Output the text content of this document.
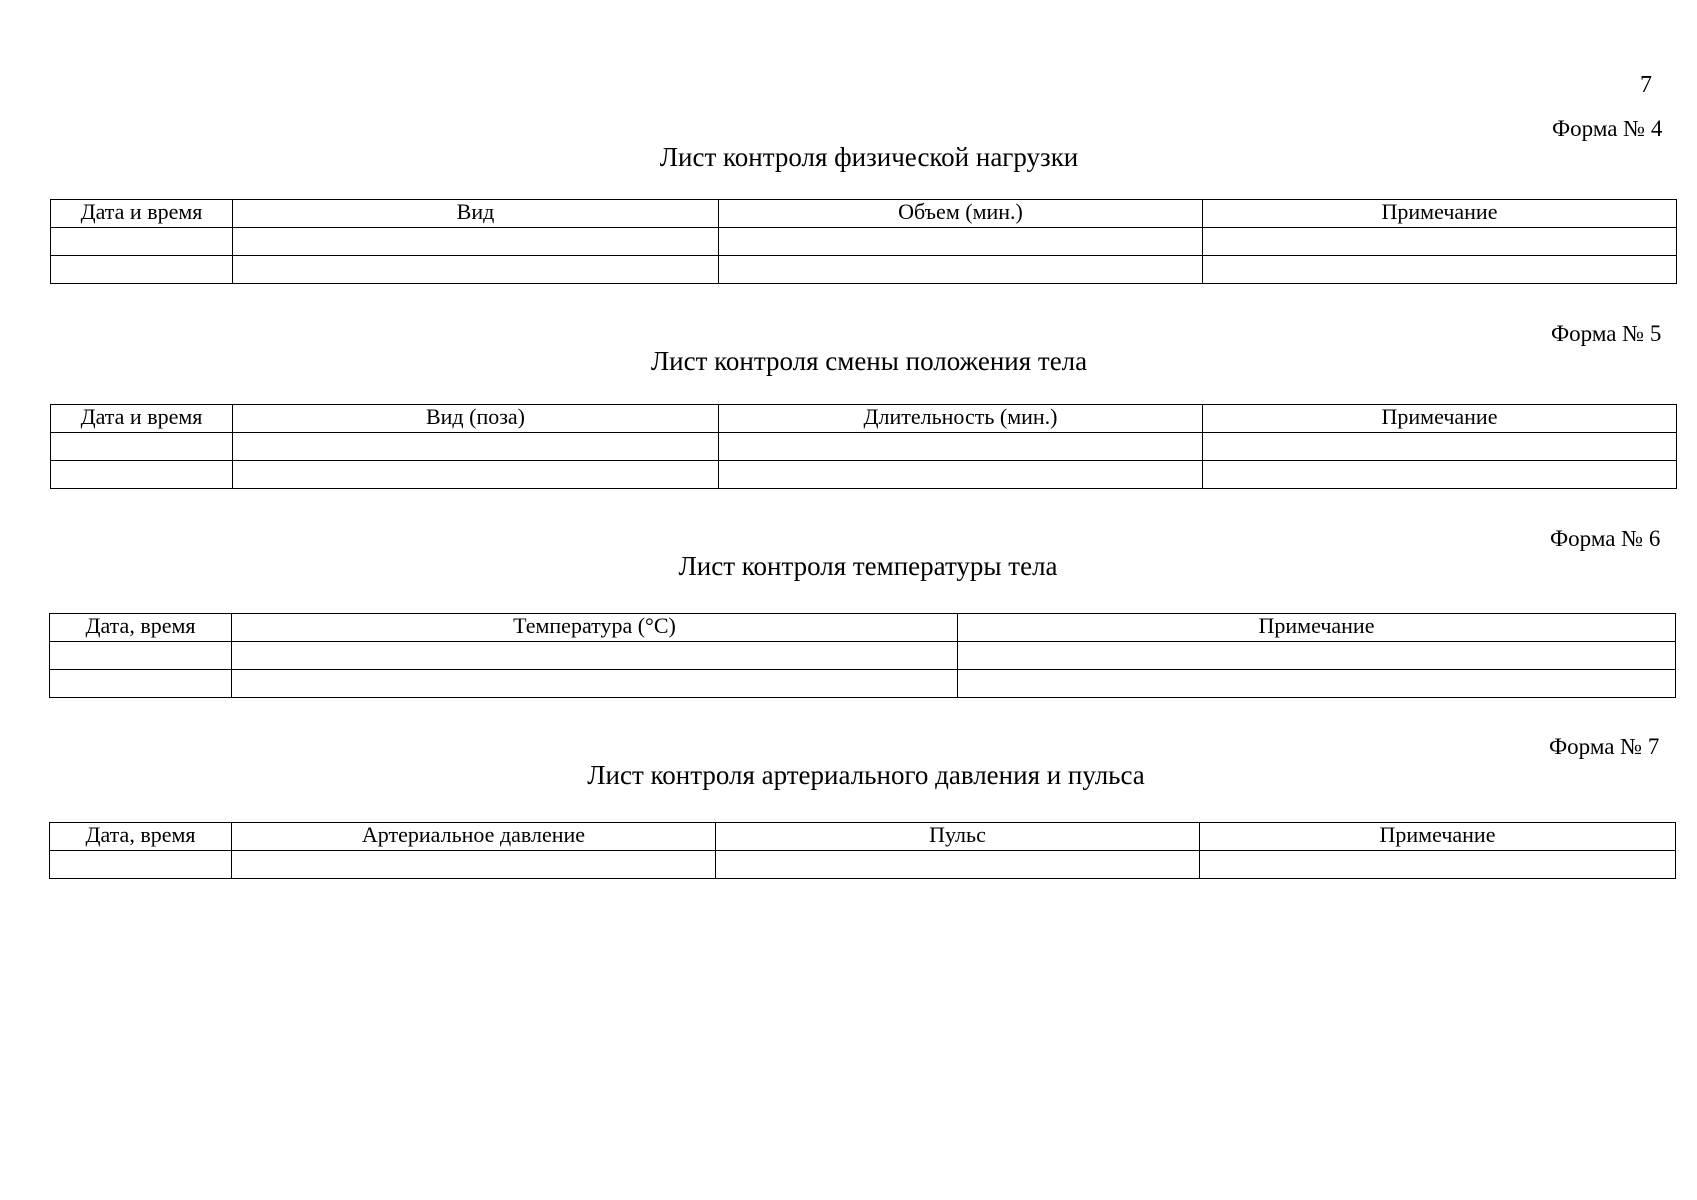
7
Форма № 4
Лист контроля физической нагрузки
Дата и время	Вид	Объем (мин.)	Примечание

Форма № 5
Лист контроля смены положения тела
Дата и время	Вид (поза)	Длительность (мин.)	Примечание

Форма № 6
Лист контроля температуры тела
Дата, время	Температура (°С)	Примечание

Форма № 7
Лист контроля артериального давления и пульса
Дата, время	Артериальное давление	Пульс	Примечание
